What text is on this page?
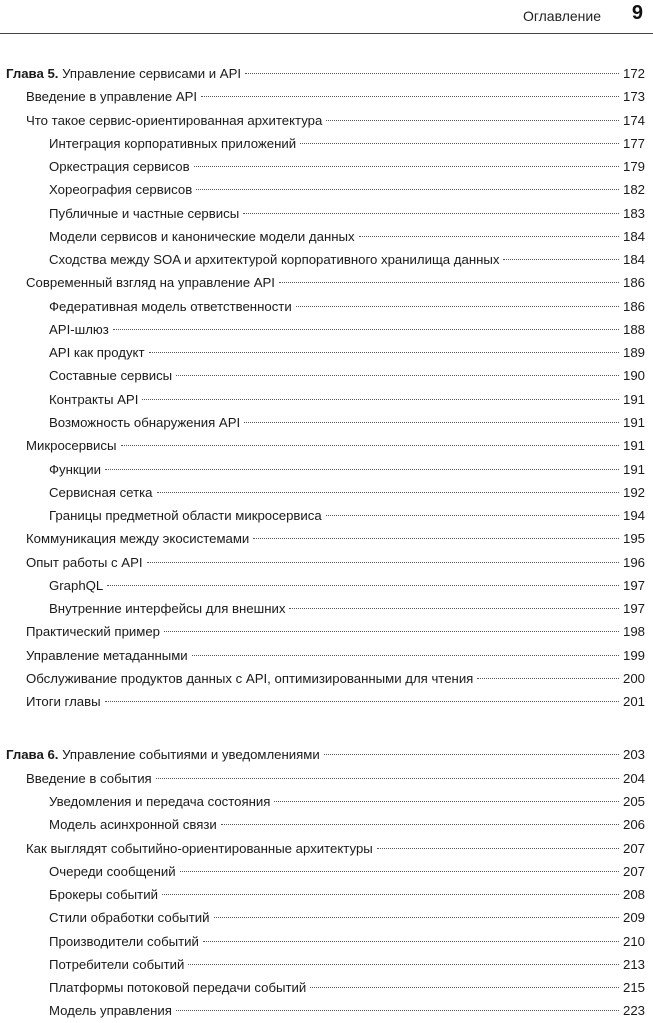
Оглавление 9
Глава 5. Управление сервисами и API	172
Введение в управление API	173
Что такое сервис-ориентированная архитектура	174
Интеграция корпоративных приложений	177
Оркестрация сервисов	179
Хореография сервисов	182
Публичные и частные сервисы	183
Модели сервисов и канонические модели данных	184
Сходства между SOA и архитектурой корпоративного хранилища данных	184
Современный взгляд на управление API	186
Федеративная модель ответственности	186
API-шлюз	188
API как продукт	189
Составные сервисы	190
Контракты API	191
Возможность обнаружения API	191
Микросервисы	191
Функции	191
Сервисная сетка	192
Границы предметной области микросервиса	194
Коммуникация между экосистемами	195
Опыт работы с API	196
GraphQL	197
Внутренние интерфейсы для внешних	197
Практический пример	198
Управление метаданными	199
Обслуживание продуктов данных с API, оптимизированными для чтения	200
Итоги главы	201
Глава 6. Управление событиями и уведомлениями	203
Введение в события	204
Уведомления и передача состояния	205
Модель асинхронной связи	206
Как выглядят событийно-ориентированные архитектуры	207
Очереди сообщений	207
Брокеры событий	208
Стили обработки событий	209
Производители событий	210
Потребители событий	213
Платформы потоковой передачи событий	215
Модель управления	223
